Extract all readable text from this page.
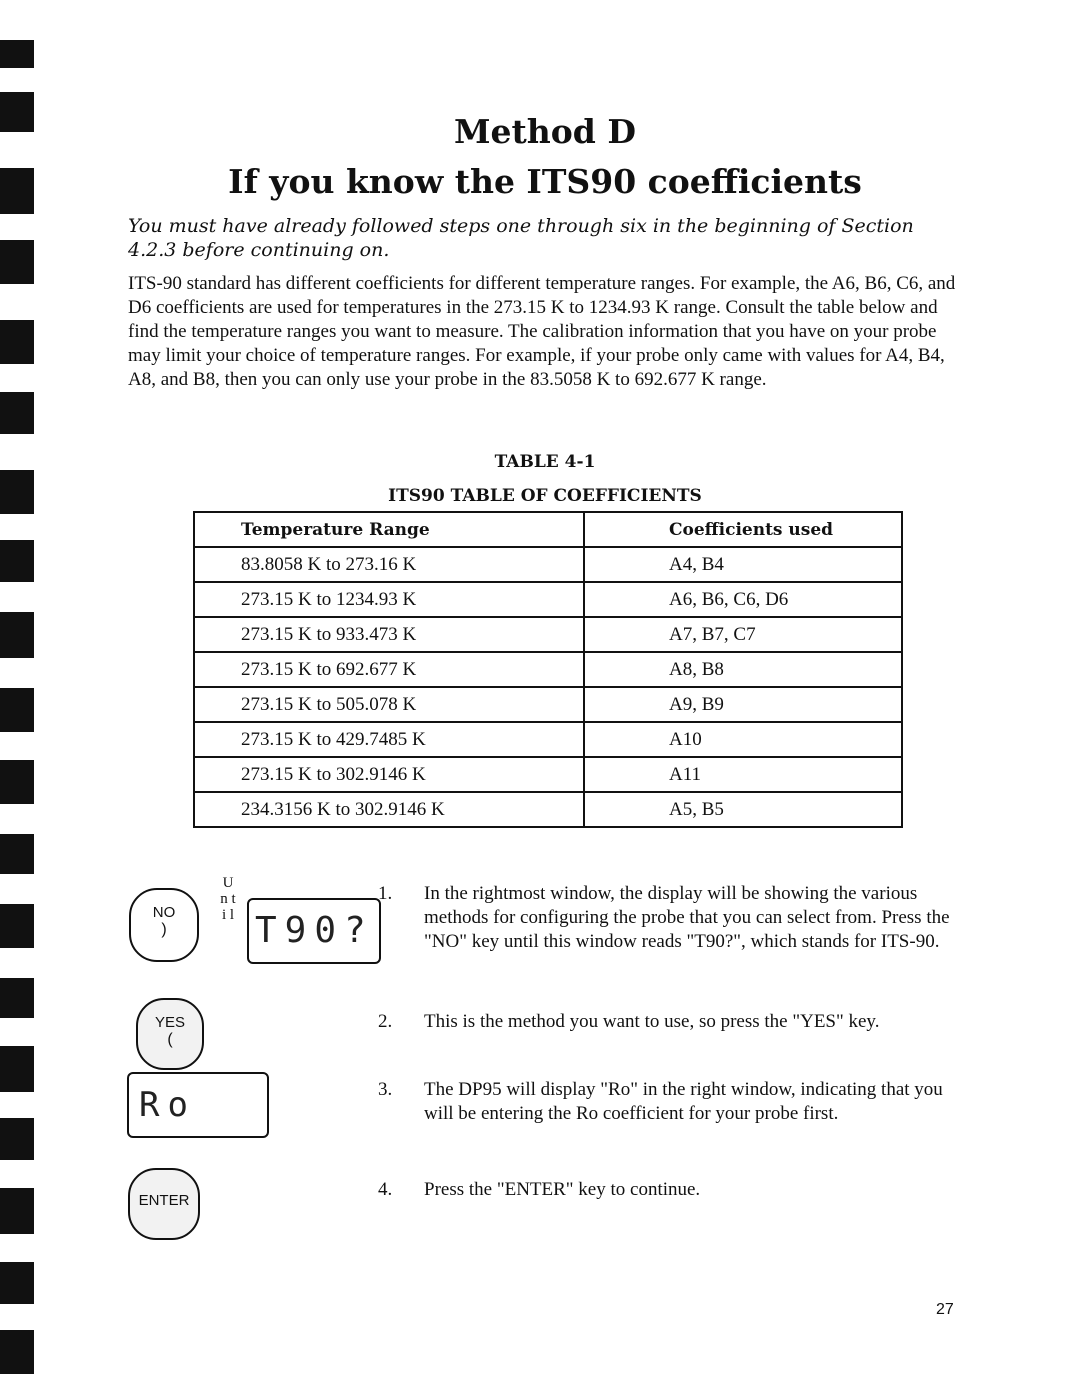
Method D
If you know the ITS90 coefficients
You must have already followed steps one through six in the beginning of Section 4.2.3 before continuing on.
ITS-90 standard has different coefficients for different temperature ranges. For example, the A6, B6, C6, and D6 coefficients are used for temperatures in the 273.15 K to 1234.93 K range. Consult the table below and find the temperature ranges you want to measure. The calibration information that you have on your probe may limit your choice of temperature ranges. For example, if your probe only came with values for A4, B4, A8, and B8, then you can only use your probe in the 83.5058 K to 692.677 K range.
TABLE 4-1
ITS90 TABLE OF COEFFICIENTS
Temperature Range	Coefficients used
83.8058 K to 273.16 K	A4, B4
273.15 K to 1234.93 K	A6, B6, C6, D6
273.15 K to 933.473 K	A7, B7, C7
273.15 K to 692.677 K	A8, B8
273.15 K to 505.078 K	A9, B9
273.15 K to 429.7485 K	A10
273.15 K to 302.9146 K	A11
234.3156 K to 302.9146 K	A5, B5
NO
)
U n t i l T90?
YES
(
Ro
ENTER
1.	In the rightmost window, the display will be showing the various methods for configuring the probe that you can select from. Press the "NO" key until this window reads "T90?", which stands for ITS-90.
2.	This is the method you want to use, so press the "YES" key.
3.	The DP95 will display "Ro" in the right window, indicating that you will be entering the Ro coefficient for your probe first.
4.	Press the "ENTER" key to continue.
27
